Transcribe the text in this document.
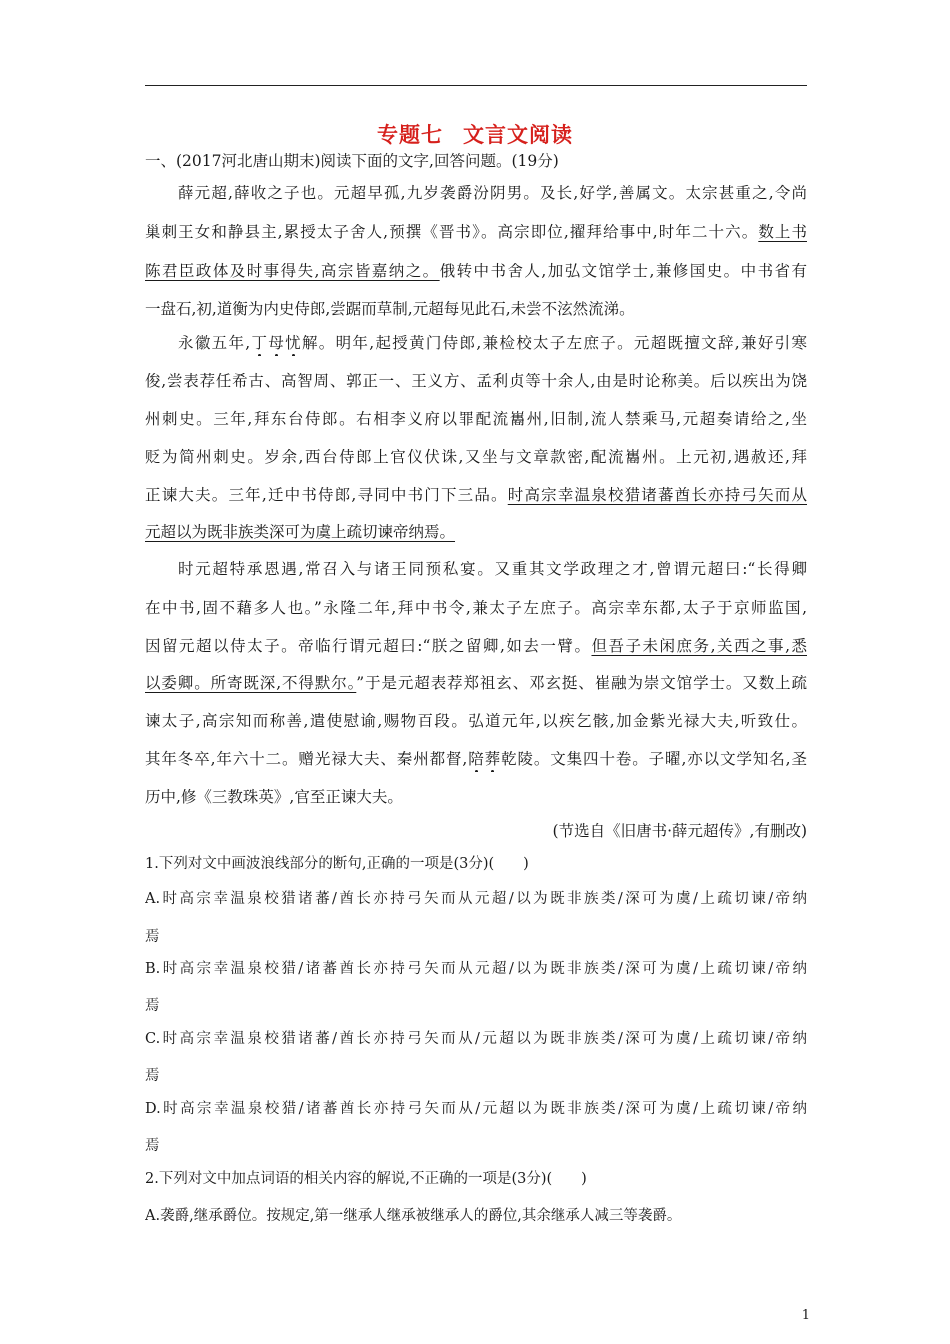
专题七 文言文阅读
一、(2017河北唐山期末)阅读下面的文字,回答问题。(19分)
薛元超,薛收之子也。元超早孤,九岁袭爵汾阴男。及长,好学,善属文。太宗甚重之,令尚
巢刺王女和静县主,累授太子舍人,预撰《晋书》。高宗即位,擢拜给事中,时年二十六。数上书
陈君臣政体及时事得失,高宗皆嘉纳之。俄转中书舍人,加弘文馆学士,兼修国史。中书省有
一盘石,初,道衡为内史侍郎,尝踞而草制,元超每见此石,未尝不泫然流涕。
永徽五年,丁母忧解。明年,起授黄门侍郎,兼检校太子左庶子。元超既擅文辞,兼好引寒
俊,尝表荐任希古、高智周、郭正一、王义方、孟利贞等十余人,由是时论称美。后以疾出为饶
州刺史。三年,拜东台侍郎。右相李义府以罪配流巂州,旧制,流人禁乘马,元超奏请给之,坐
贬为简州刺史。岁余,西台侍郎上官仪伏诛,又坐与文章款密,配流巂州。上元初,遇赦还,拜
正谏大夫。三年,迁中书侍郎,寻同中书门下三品。时高宗幸温泉校猎诸蕃酋长亦持弓矢而从
元超以为既非族类深可为虞上疏切谏帝纳焉。
时元超特承恩遇,常召入与诸王同预私宴。又重其文学政理之才,曾谓元超曰:“长得卿
在中书,固不藉多人也。”永隆二年,拜中书令,兼太子左庶子。高宗幸东都,太子于京师监国,
因留元超以侍太子。帝临行谓元超曰:“朕之留卿,如去一臂。但吾子未闲庶务,关西之事,悉
以委卿。所寄既深,不得默尔。”于是元超表荐郑祖玄、邓玄挺、崔融为崇文馆学士。又数上疏
谏太子,高宗知而称善,遣使慰谕,赐物百段。弘道元年,以疾乞骸,加金紫光禄大夫,听致仕。
其年冬卒,年六十二。赠光禄大夫、秦州都督,陪葬乾陵。文集四十卷。子曜,亦以文学知名,圣
历中,修《三教珠英》,官至正谏大夫。
(节选自《旧唐书·薛元超传》,有删改)
1.下列对文中画波浪线部分的断句,正确的一项是(3分)(　　)
A.时高宗幸温泉校猎诸蕃/酋长亦持弓矢而从元超/以为既非族类/深可为虞/上疏切谏/帝纳
焉
B.时高宗幸温泉校猎/诸蕃酋长亦持弓矢而从元超/以为既非族类/深可为虞/上疏切谏/帝纳
焉
C.时高宗幸温泉校猎诸蕃/酋长亦持弓矢而从/元超以为既非族类/深可为虞/上疏切谏/帝纳
焉
D.时高宗幸温泉校猎/诸蕃酋长亦持弓矢而从/元超以为既非族类/深可为虞/上疏切谏/帝纳
焉
2.下列对文中加点词语的相关内容的解说,不正确的一项是(3分)(　　)
A.袭爵,继承爵位。按规定,第一继承人继承被继承人的爵位,其余继承人减三等袭爵。
1
